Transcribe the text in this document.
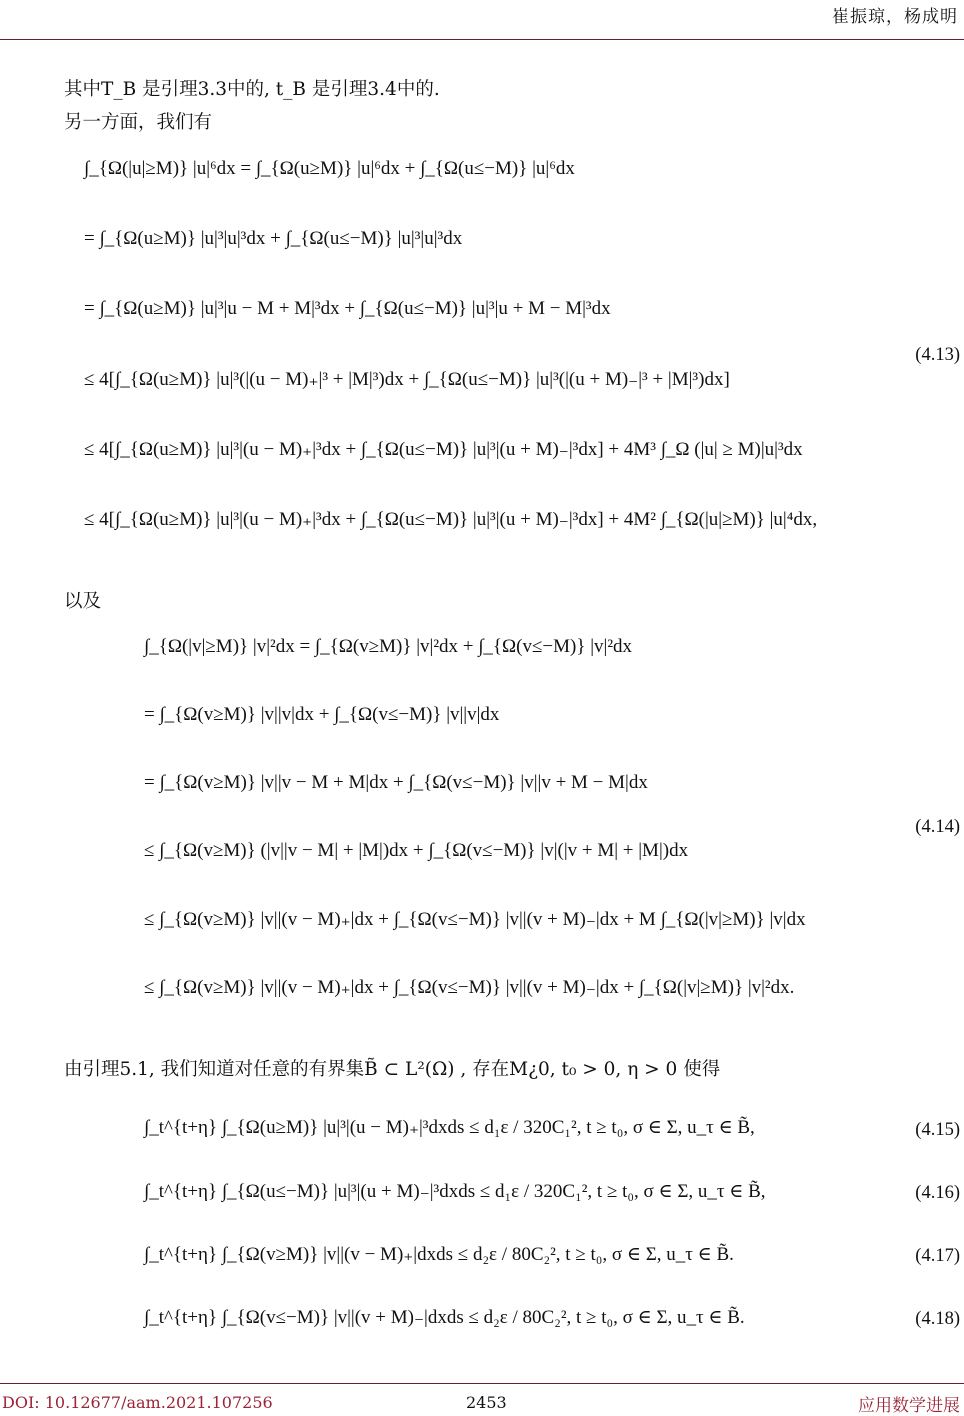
崔振琼，杨成明
其中T_B 是引理3.3中的, t_B 是引理3.4中的.
另一方面，我们有
∫_{Ω(|u|≥M)} |u|⁶dx = ∫_{Ω(u≥M)} |u|⁶dx + ∫_{Ω(u≤−M)} |u|⁶dx
= ∫_{Ω(u≥M)} |u|³|u|³dx + ∫_{Ω(u≤−M)} |u|³|u|³dx
= ∫_{Ω(u≥M)} |u|³|u − M + M|³dx + ∫_{Ω(u≤−M)} |u|³|u + M − M|³dx
≤ 4[∫_{Ω(u≥M)} |u|³(|(u − M)₊|³ + |M|³)dx + ∫_{Ω(u≤−M)} |u|³(|(u + M)₋|³ + |M|³)dx]
≤ 4[∫_{Ω(u≥M)} |u|³|(u − M)₊|³dx + ∫_{Ω(u≤−M)} |u|³|(u + M)₋|³dx] + 4M³ ∫_Ω (|u| ≥ M)|u|³dx
≤ 4[∫_{Ω(u≥M)} |u|³|(u − M)₊|³dx + ∫_{Ω(u≤−M)} |u|³|(u + M)₋|³dx] + 4M² ∫_{Ω(|u|≥M)} |u|⁴dx,
(4.13)
以及
∫_{Ω(|v|≥M)} |v|²dx = ∫_{Ω(v≥M)} |v|²dx + ∫_{Ω(v≤−M)} |v|²dx
= ∫_{Ω(v≥M)} |v||v|dx + ∫_{Ω(v≤−M)} |v||v|dx
= ∫_{Ω(v≥M)} |v||v − M + M|dx + ∫_{Ω(v≤−M)} |v||v + M − M|dx
≤ ∫_{Ω(v≥M)} (|v||v − M| + |M|)dx + ∫_{Ω(v≤−M)} |v|(|v + M| + |M|)dx
≤ ∫_{Ω(v≥M)} |v||(v − M)₊|dx + ∫_{Ω(v≤−M)} |v||(v + M)₋|dx + M ∫_{Ω(|v|≥M)} |v|dx
≤ ∫_{Ω(v≥M)} |v||(v − M)₊|dx + ∫_{Ω(v≤−M)} |v||(v + M)₋|dx + ∫_{Ω(|v|≥M)} |v|²dx.
(4.14)
由引理5.1, 我们知道对任意的有界集B̃ ⊂ L²(Ω) , 存在M¿0, t₀ > 0, η > 0 使得
∫_t^{t+η} ∫_{Ω(u≥M)} |u|³|(u − M)₊|³dxds ≤ d₁ε / 320C₁², t ≥ t₀, σ ∈ Σ, u_τ ∈ B̃,	(4.15)
∫_t^{t+η} ∫_{Ω(u≤−M)} |u|³|(u + M)₋|³dxds ≤ d₁ε / 320C₁², t ≥ t₀, σ ∈ Σ, u_τ ∈ B̃,	(4.16)
∫_t^{t+η} ∫_{Ω(v≥M)} |v||(v − M)₊|dxds ≤ d₂ε / 80C₂², t ≥ t₀, σ ∈ Σ, u_τ ∈ B̃.	(4.17)
∫_t^{t+η} ∫_{Ω(v≤−M)} |v||(v + M)₋|dxds ≤ d₂ε / 80C₂², t ≥ t₀, σ ∈ Σ, u_τ ∈ B̃.	(4.18)
DOI: 10.12677/aam.2021.107256	2453	应用数学进展
